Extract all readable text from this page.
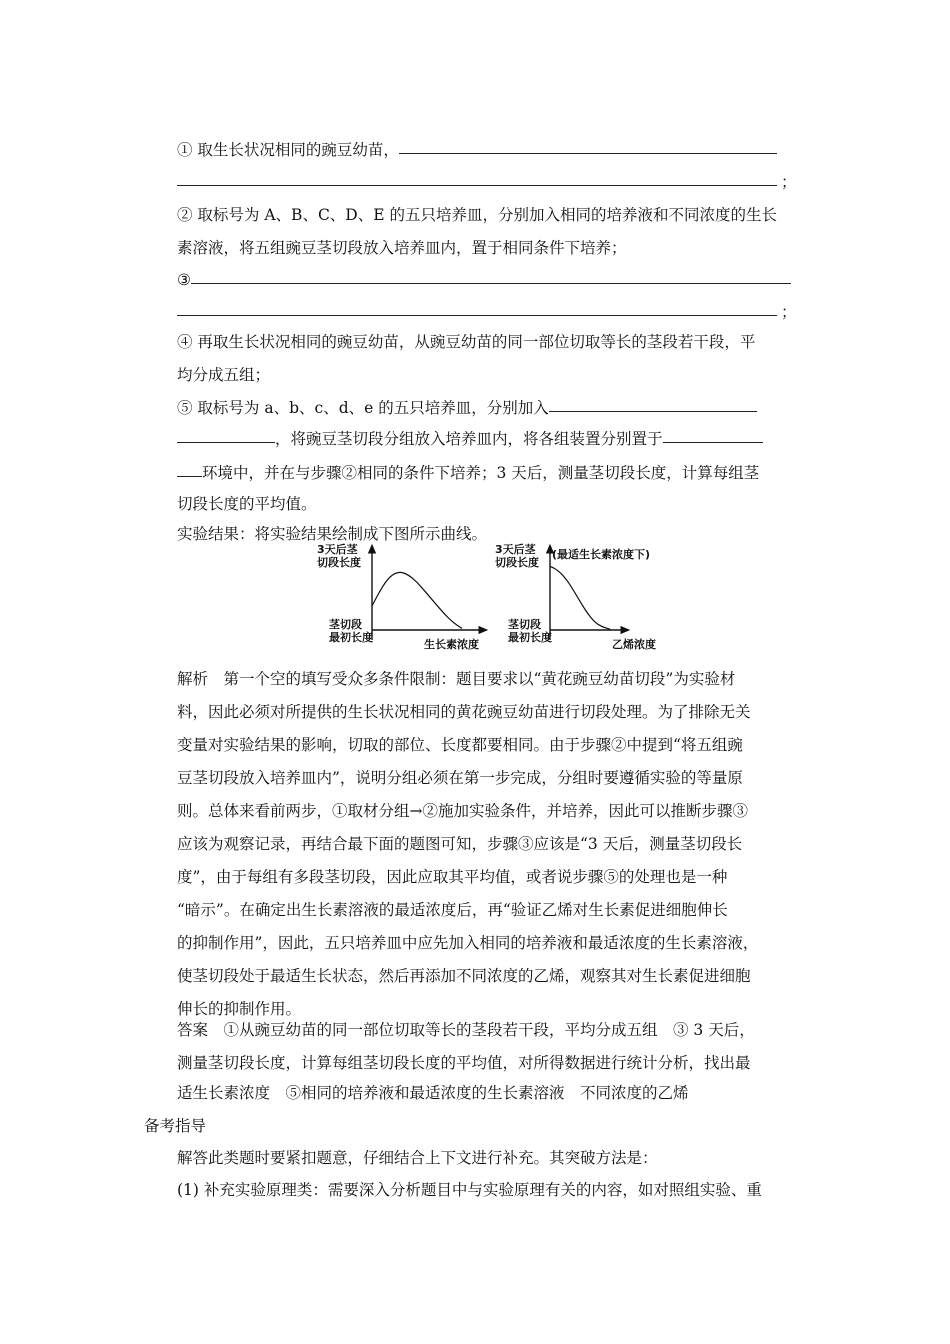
① 取生长状况相同的豌豆幼苗，
；
② 取标号为 A、B、C、D、E 的五只培养皿，分别加入相同的培养液和不同浓度的生长
素溶液，将五组豌豆茎切段放入培养皿内，置于相同条件下培养；
③
；
④ 再取生长状况相同的豌豆幼苗，从豌豆幼苗的同一部位切取等长的茎段若干段，平
均分成五组；
⑤ 取标号为 a、b、c、d、e 的五只培养皿，分别加入
，将豌豆茎切段分组放入培养皿内，将各组装置分别置于
环境中，并在与步骤②相同的条件下培养；3 天后，测量茎切段长度，计算每组茎
切段长度的平均值。
实验结果：将实验结果绘制成下图所示曲线。
3天后茎
切段长度
茎切段
最初长度
生长素浓度
3天后茎
切段长度
(最适生长素浓度下)
茎切段
最初长度
乙烯浓度
解析　第一个空的填写受众多条件限制：题目要求以“黄花豌豆幼苗切段”为实验材
料，因此必须对所提供的生长状况相同的黄花豌豆幼苗进行切段处理。为了排除无关
变量对实验结果的影响，切取的部位、长度都要相同。由于步骤②中提到“将五组豌
豆茎切段放入培养皿内”，说明分组必须在第一步完成，分组时要遵循实验的等量原
则。总体来看前两步，①取材分组→②施加实验条件，并培养，因此可以推断步骤③
应该为观察记录，再结合最下面的题图可知，步骤③应该是“3 天后，测量茎切段长
度”，由于每组有多段茎切段，因此应取其平均值，或者说步骤⑤的处理也是一种
“暗示”。在确定出生长素溶液的最适浓度后，再“验证乙烯对生长素促进细胞伸长
的抑制作用”，因此，五只培养皿中应先加入相同的培养液和最适浓度的生长素溶液，
使茎切段处于最适生长状态，然后再添加不同浓度的乙烯，观察其对生长素促进细胞
伸长的抑制作用。
答案　①从豌豆幼苗的同一部位切取等长的茎段若干段，平均分成五组　③ 3 天后，
测量茎切段长度，计算每组茎切段长度的平均值，对所得数据进行统计分析，找出最
适生长素浓度　⑤相同的培养液和最适浓度的生长素溶液　不同浓度的乙烯
备考指导
解答此类题时要紧扣题意，仔细结合上下文进行补充。其突破方法是：
(1) 补充实验原理类：需要深入分析题目中与实验原理有关的内容，如对照组实验、重
